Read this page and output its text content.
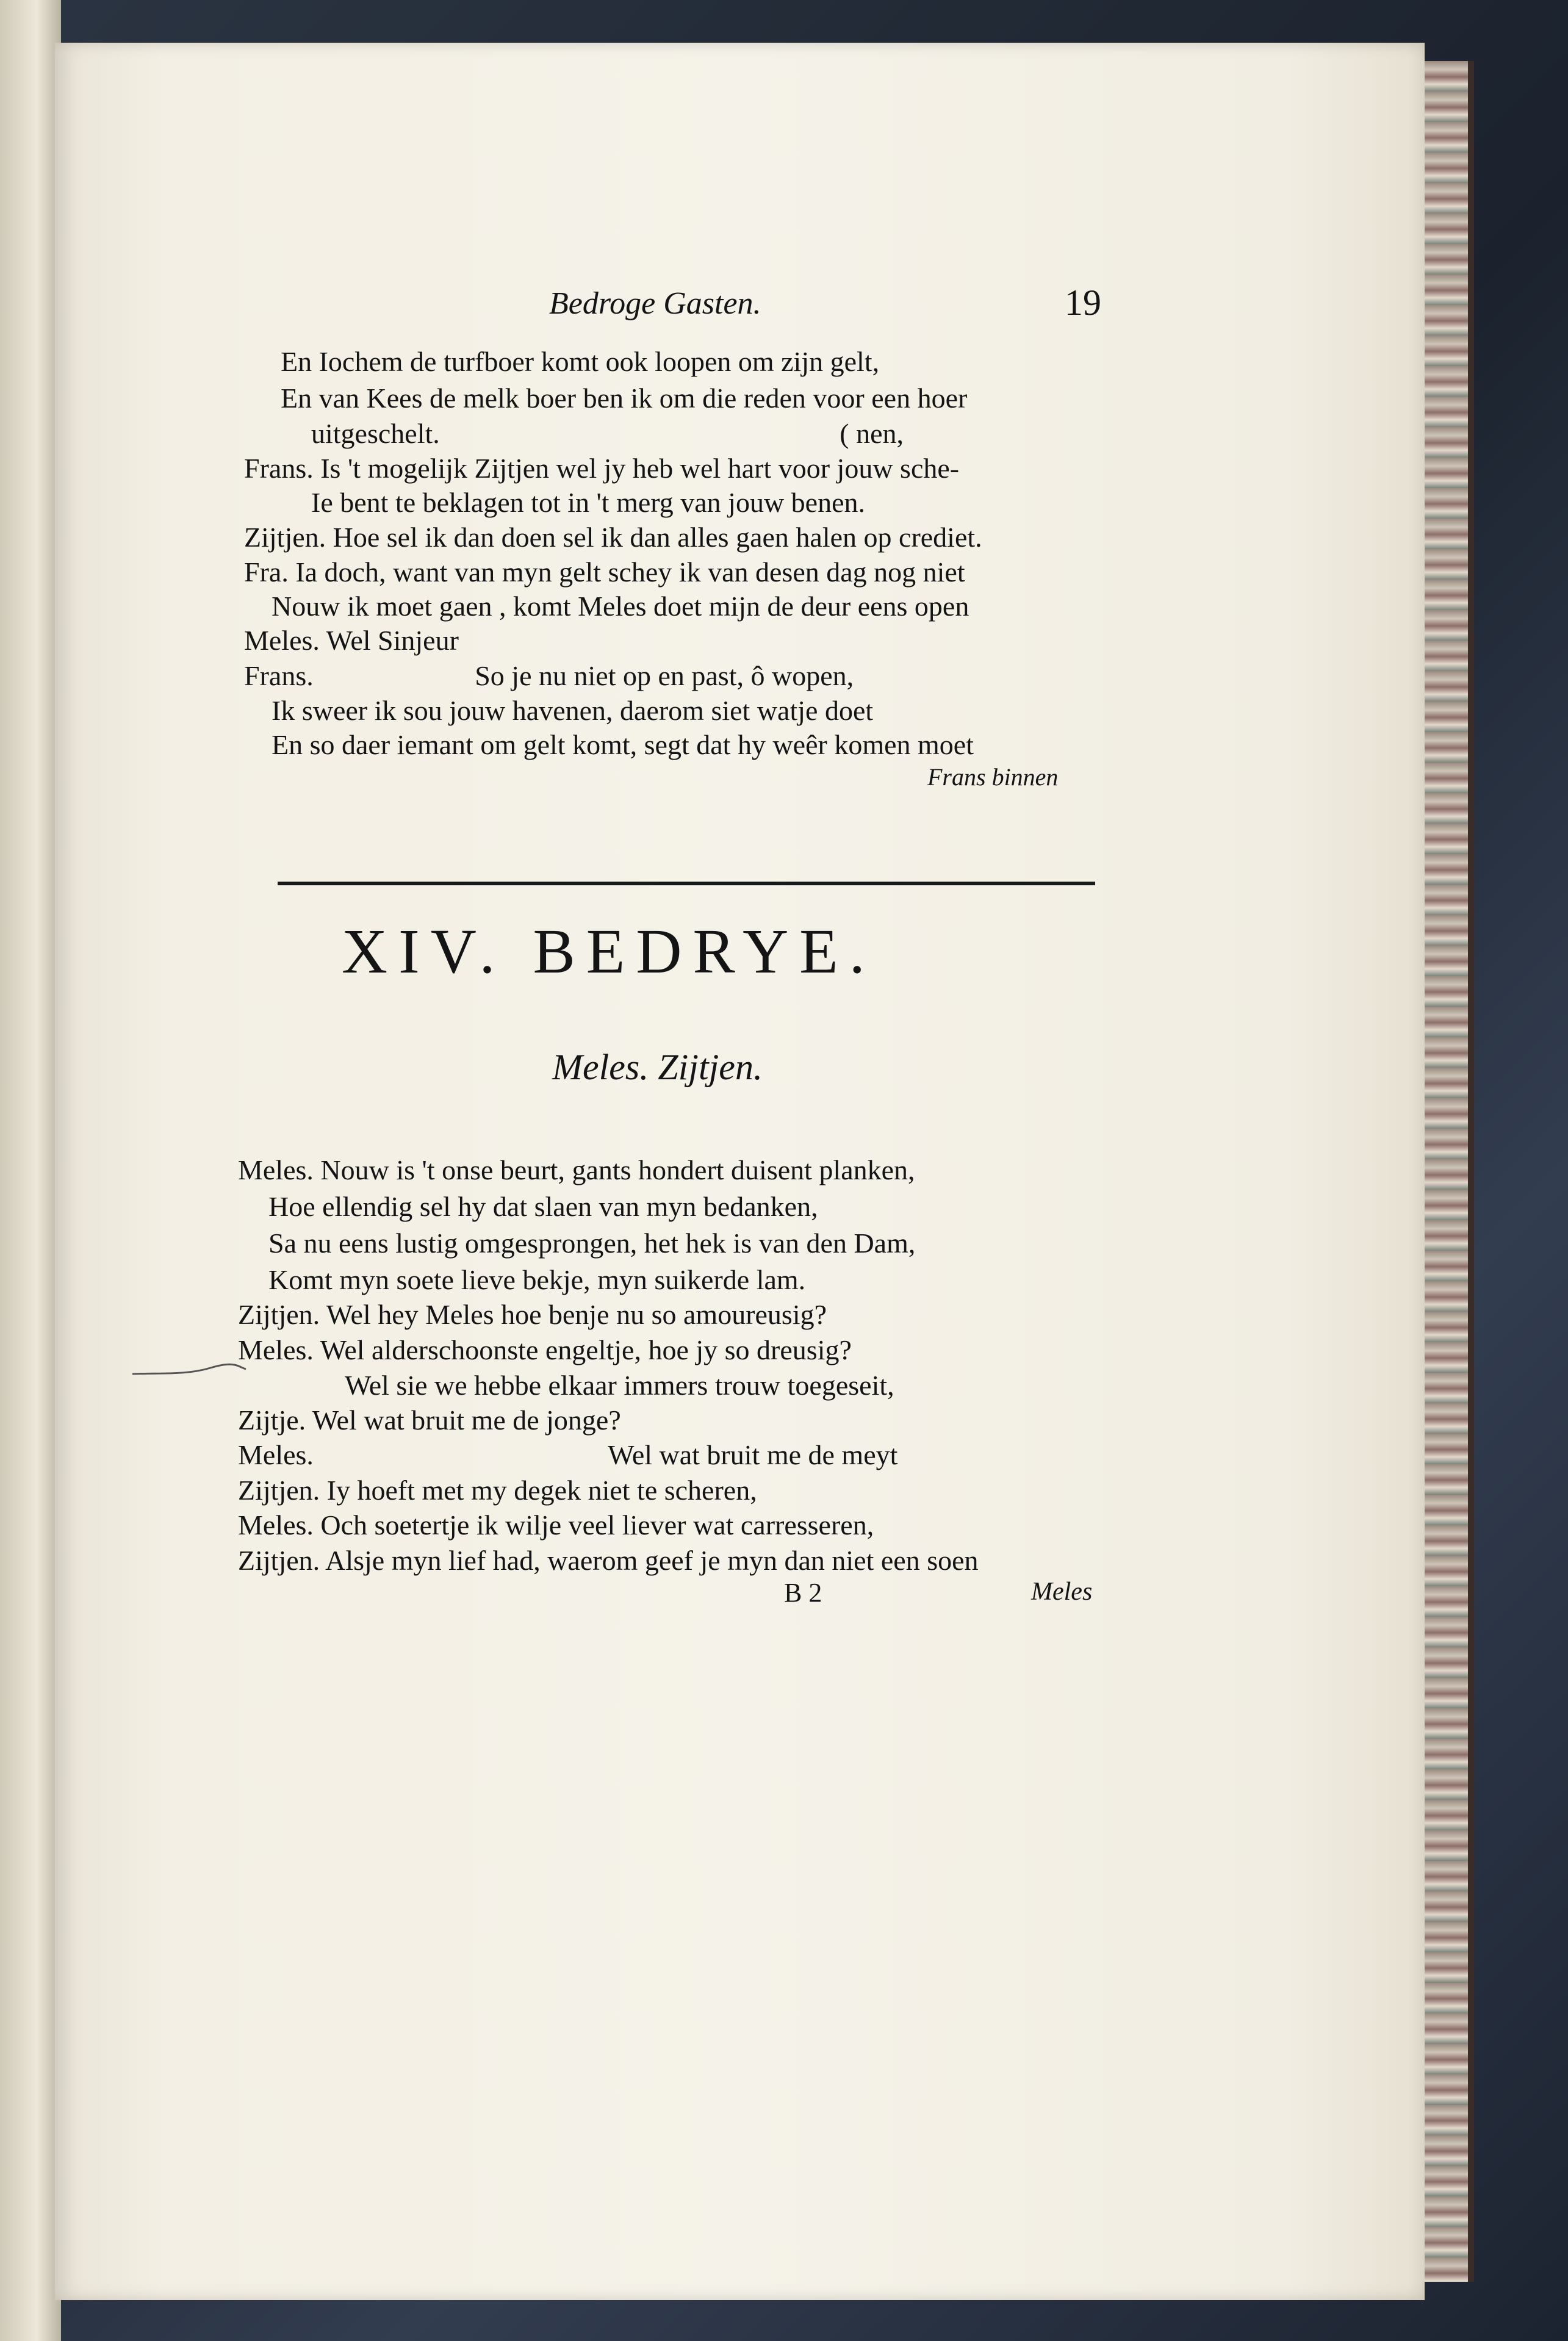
Bedroge Gasten.	19
En Iochem de turfboer komt ook loopen om zijn gelt,
En van Kees de melk boer ben ik om die reden voor een hoer
uitgeschelt.                                                         ( nen,
Frans. Is 't mogelijk Zijtjen wel jy heb wel hart voor jouw sche-
Ie bent te beklagen tot in 't merg van jouw benen.
Zijtjen. Hoe sel ik dan doen sel ik dan alles gaen halen op crediet.
Fra. Ia doch, want van myn gelt schey ik van desen dag nog niet
Nouw ik moet gaen , komt Meles doet mijn de deur eens open
Meles. Wel Sinjeur
Frans.                       So je nu niet op en past, ô wopen,
Ik sweer ik sou jouw havenen, daerom siet watje doet
En so daer iemant om gelt komt, segt dat hy weêr komen moet
Frans binnen
XIV. BEDRYE.
Meles. Zijtjen.
Meles. Nouw is 't onse beurt, gants hondert duisent planken,
Hoe ellendig sel hy dat slaen van myn bedanken,
Sa nu eens lustig omgesprongen, het hek is van den Dam,
Komt myn soete lieve bekje, myn suikerde lam.
Zijtjen. Wel hey Meles hoe benje nu so amoureusig?
Meles. Wel alderschoonste engeltje, hoe jy so dreusig?
Wel sie we hebbe elkaar immers trouw toegeseit,
Zijtje. Wel wat bruit me de jonge?
Meles.                                          Wel wat bruit me de meyt
Zijtjen. Iy hoeft met my degek niet te scheren,
Meles. Och soetertje ik wilje veel liever wat carresseren,
Zijtjen. Alsje myn lief had, waerom geef je myn dan niet een soen
B 2	Meles
